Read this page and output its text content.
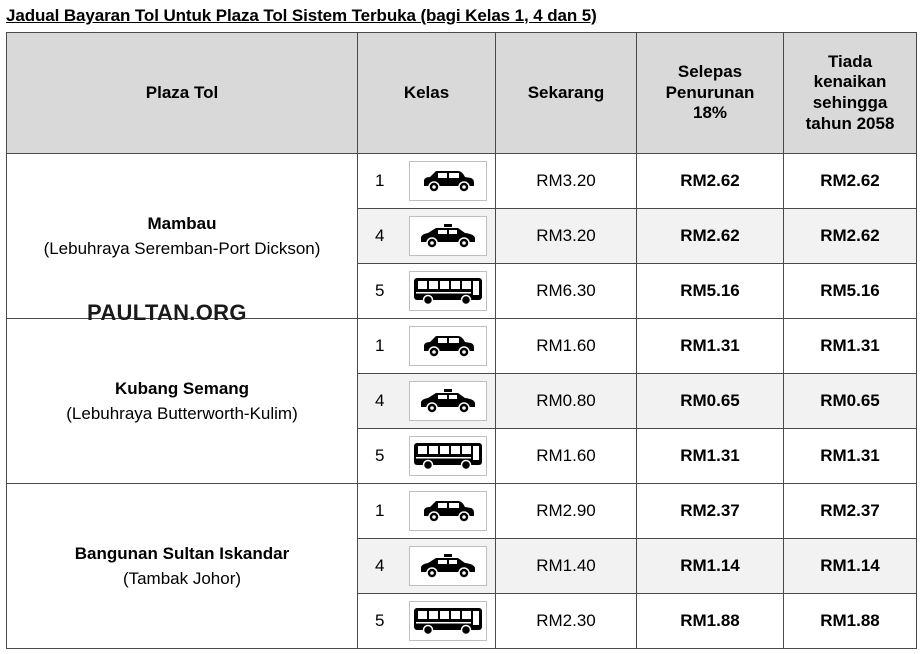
Jadual Bayaran Tol Untuk Plaza Tol Sistem Terbuka (bagi Kelas 1, 4 dan 5)
Plaza Tol	Kelas		Sekarang	Selepas Penurunan 18%	Tiada kenaikan sehingga tahun 2058

Mambau
(Lebuhraya Seremban-Port Dickson)	1		RM3.20	RM2.62	RM2.62
	4		RM3.20	RM2.62	RM2.62
	5		RM6.30	RM5.16	RM5.16

Kubang Semang
(Lebuhraya Butterworth-Kulim)	1		RM1.60	RM1.31	RM1.31
	4		RM0.80	RM0.65	RM0.65
	5		RM1.60	RM1.31	RM1.31

Bangunan Sultan Iskandar
(Tambak Johor)	1		RM2.90	RM2.37	RM2.37
	4		RM1.40	RM1.14	RM1.14
	5		RM2.30	RM1.88	RM1.88
PAULTAN.ORG
